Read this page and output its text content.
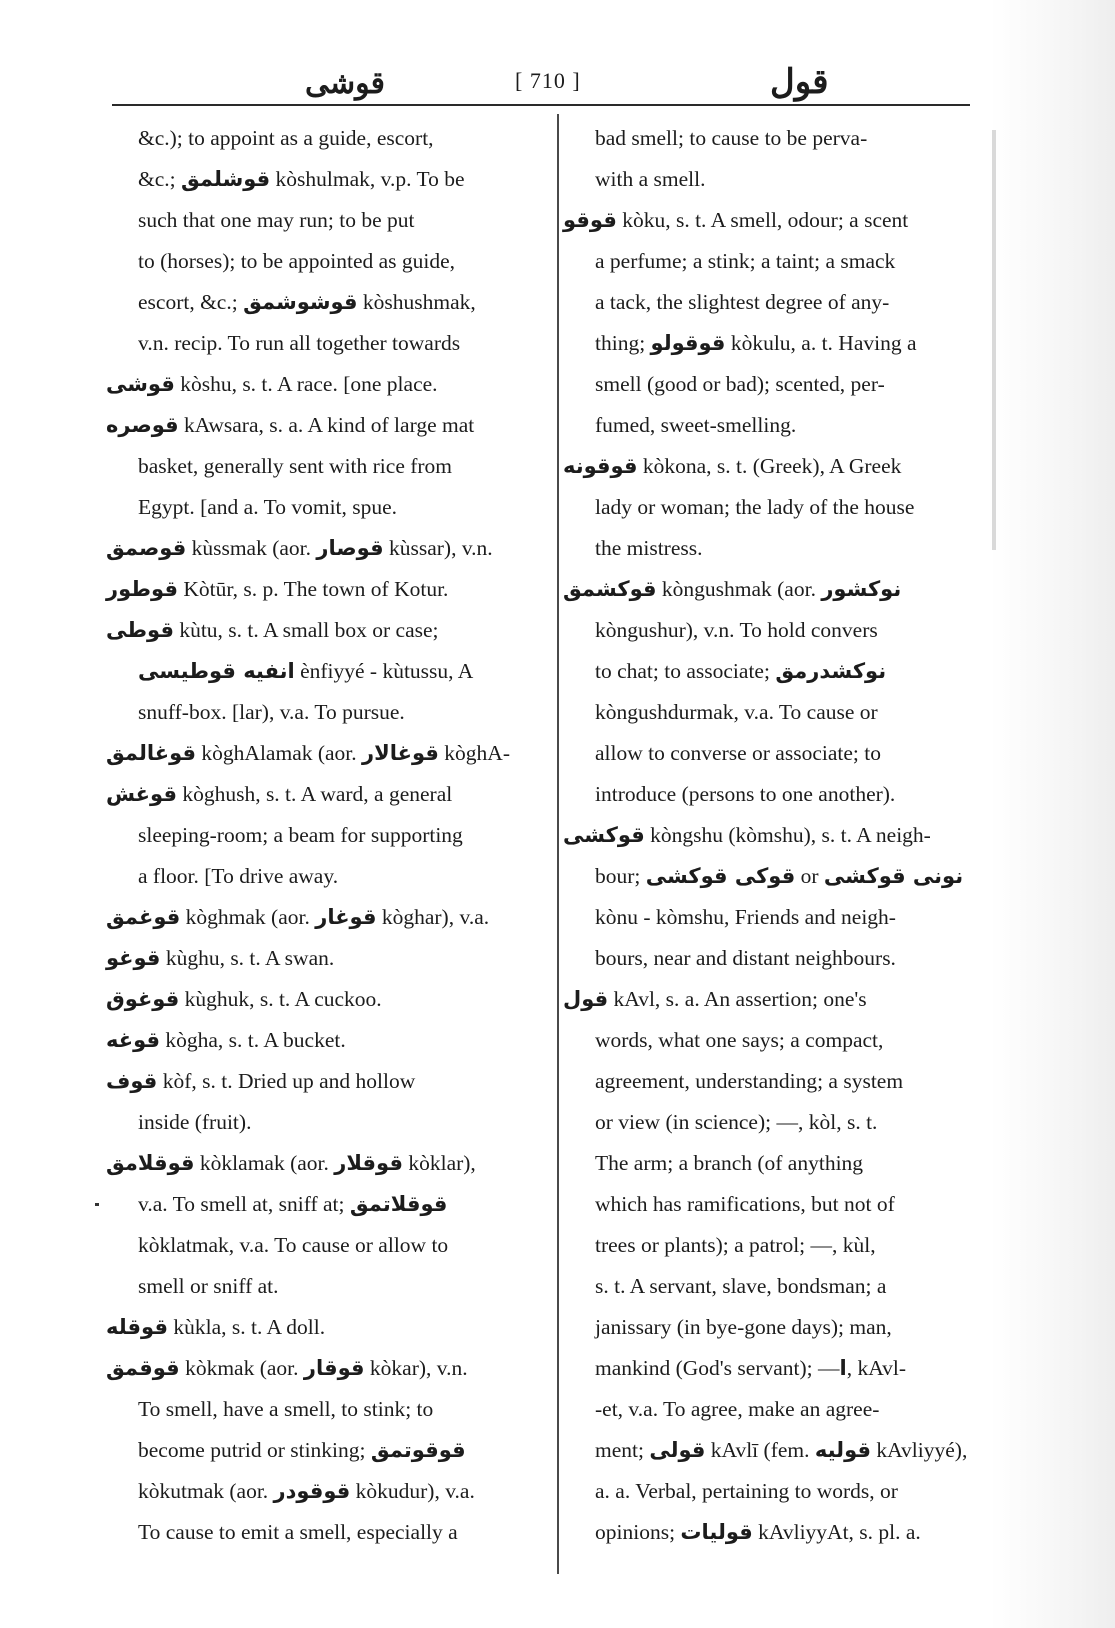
قوشى	[ 710 ]	قول
&c.); to appoint as a guide, escort,
&c.; قوشلمق kòshulmak, v.p. To be
such that one may run; to be put
to (horses); to be appointed as guide,
escort, &c.; قوشوشمق kòshushmak,
v.n. recip. To run all together towards
قوشى kòshu, s. t. A race. [one place.
قوصره kAwsara, s. a. A kind of large mat
basket, generally sent with rice from
Egypt. [and a. To vomit, spue.
قوصمق kùssmak (aor. قوصار kùssar), v.n.
قوطور Kòtūr, s. p. The town of Kotur.
قوطى kùtu, s. t. A small box or case;
انفيه قوطيسى ènfiyyé - kùtussu, A
snuff-box. [lar), v.a. To pursue.
قوغالمق kòghAlamak (aor. قوغالار kòghA-
قوغش kòghush, s. t. A ward, a general
sleeping-room; a beam for supporting
a floor. [To drive away.
قوغمق kòghmak (aor. قوغار kòghar), v.a.
قوغو kùghu, s. t. A swan.
قوغوق kùghuk, s. t. A cuckoo.
قوغه kògha, s. t. A bucket.
قوف kòf, s. t. Dried up and hollow
inside (fruit).
قوقلامق kòklamak (aor. قوقلار kòklar),
v.a. To smell at, sniff at; قوقلاتمق
kòklatmak, v.a. To cause or allow to
smell or sniff at.
قوقله kùkla, s. t. A doll.
قوقمق kòkmak (aor. قوقار kòkar), v.n.
To smell, have a smell, to stink; to
become putrid or stinking; قوقوتمق
kòkutmak (aor. قوقودر kòkudur), v.a.
To cause to emit a smell, especially a
bad smell; to cause to be perva-
with a smell.
قوقو kòku, s. t. A smell, odour; a scent
a perfume; a stink; a taint; a smack
a tack, the slightest degree of any-
thing; قوقولو kòkulu, a. t. Having a
smell (good or bad); scented, per-
fumed, sweet-smelling.
قوقونه kòkona, s. t. (Greek), A Greek
lady or woman; the lady of the house
the mistress.
قوكشمق kòngushmak (aor. نوكشور
kòngushur), v.n. To hold convers
to chat; to associate; نوكشدرمق
kòngushdurmak, v.a. To cause or
allow to converse or associate; to
introduce (persons to one another).
قوكشى kòngshu (kòmshu), s. t. A neigh-
bour; قوكى قوكشى or نونى قوكشى
kònu - kòmshu, Friends and neigh-
bours, near and distant neighbours.
قول kAvl, s. a. An assertion; one's
words, what one says; a compact,
agreement, understanding; a system
or view (in science); —, kòl, s. t.
The arm; a branch (of anything
which has ramifications, but not of
trees or plants); a patrol; —, kùl,
s. t. A servant, slave, bondsman; a
janissary (in bye-gone days); man,
mankind (God's servant); —ا, kAvl-
-et, v.a. To agree, make an agree-
ment; قولى kAvlī (fem. قوليه kAvliyyé),
a. a. Verbal, pertaining to words, or
opinions; قوليات kAvliyyAt, s. pl. a.
